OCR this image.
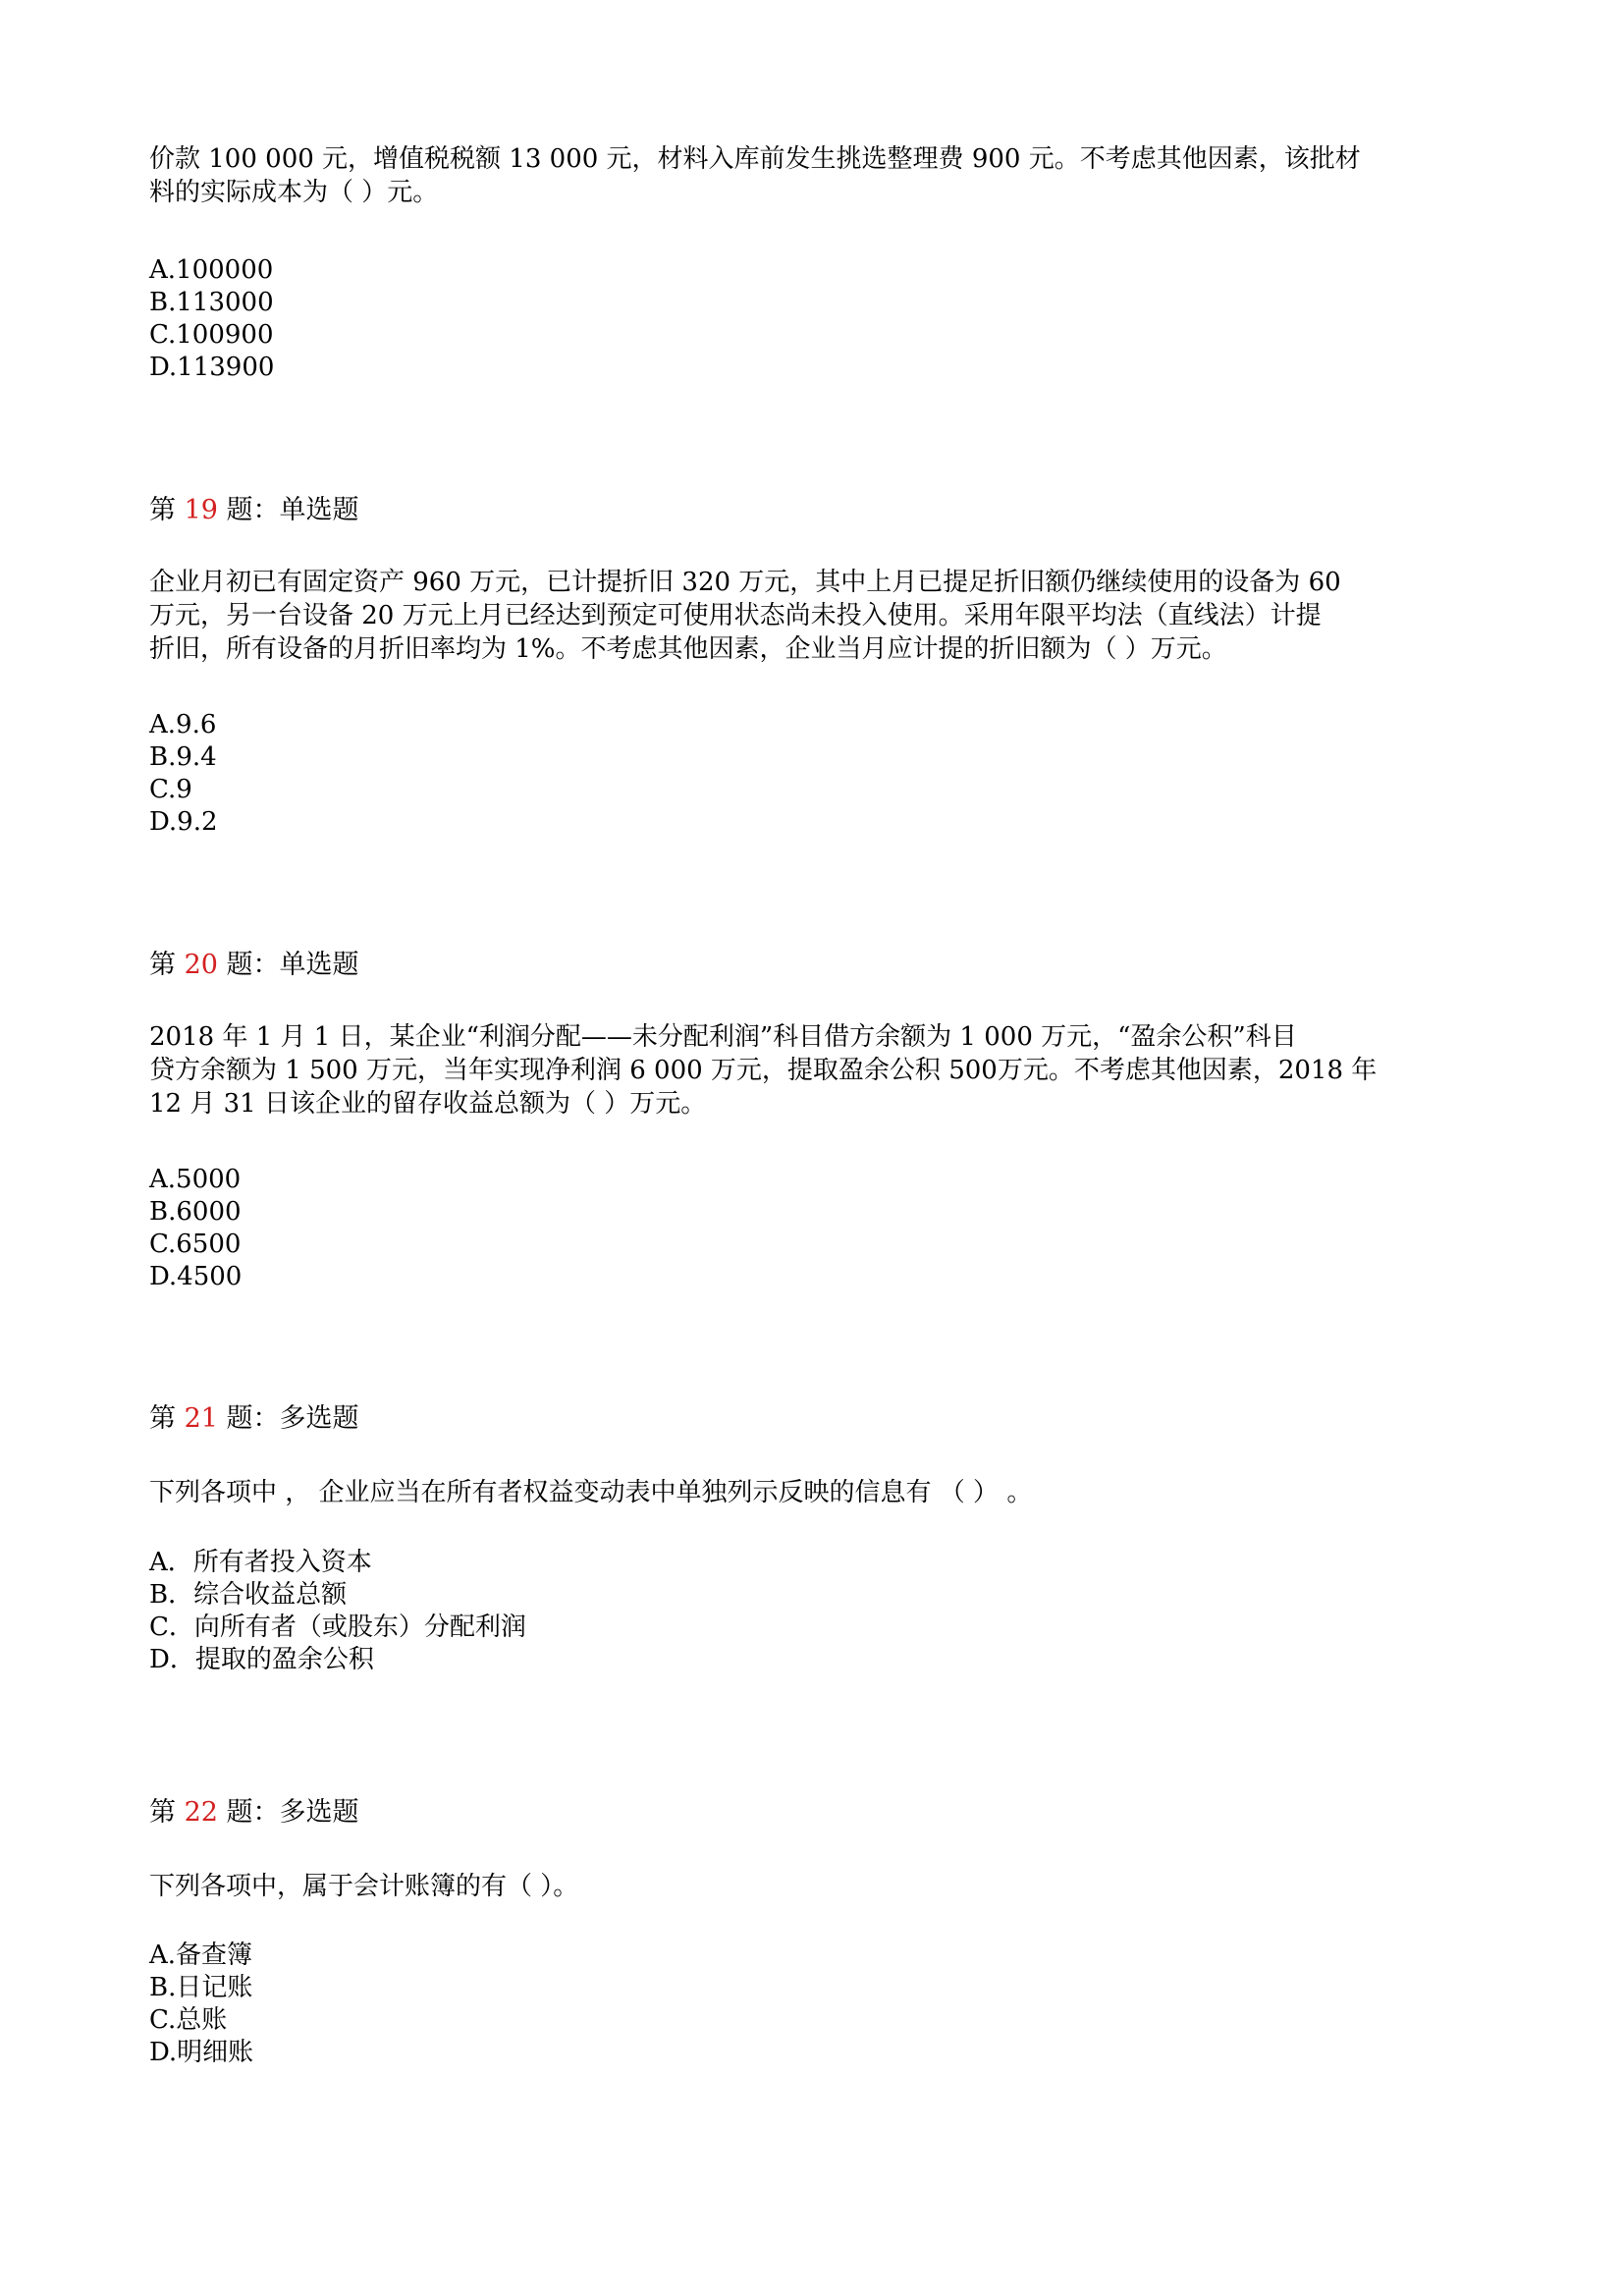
价款 100 000 元，增值税税额 13 000 元，材料入库前发生挑选整理费 900 元。不考虑其他因素，该批材

料的实际成本为（ ）元。

A.100000

B.113000

C.100900

D.113900

第 19 题：单选题

企业月初已有固定资产 960 万元，已计提折旧 320 万元，其中上月已提足折旧额仍继续使用的设备为 60

万元，另一台设备 20 万元上月已经达到预定可使用状态尚未投入使用。采用年限平均法（直线法）计提

折旧，所有设备的月折旧率均为 1%。不考虑其他因素，企业当月应计提的折旧额为（ ）万元。

A.9.6

B.9.4

C.9

D.9.2

第 20 题：单选题

2018 年 1 月 1 日，某企业“利润分配——未分配利润”科目借方余额为 1 000 万元，“盈余公积”科目

贷方余额为 1 500 万元，当年实现净利润 6 000 万元，提取盈余公积 500万元。不考虑其他因素，2018 年

12 月 31 日该企业的留存收益总额为（ ）万元。

A.5000

B.6000

C.6500

D.4500

第 21 题：多选题

下列各项中 ， 企业应当在所有者权益变动表中单独列示反映的信息有 （ ） 。

A．所有者投入资本

B．综合收益总额

C．向所有者（或股东）分配利润

D．提取的盈余公积

第 22 题：多选题

下列各项中，属于会计账簿的有（ ）。

A.备查簿

B.日记账

C.总账

D.明细账
